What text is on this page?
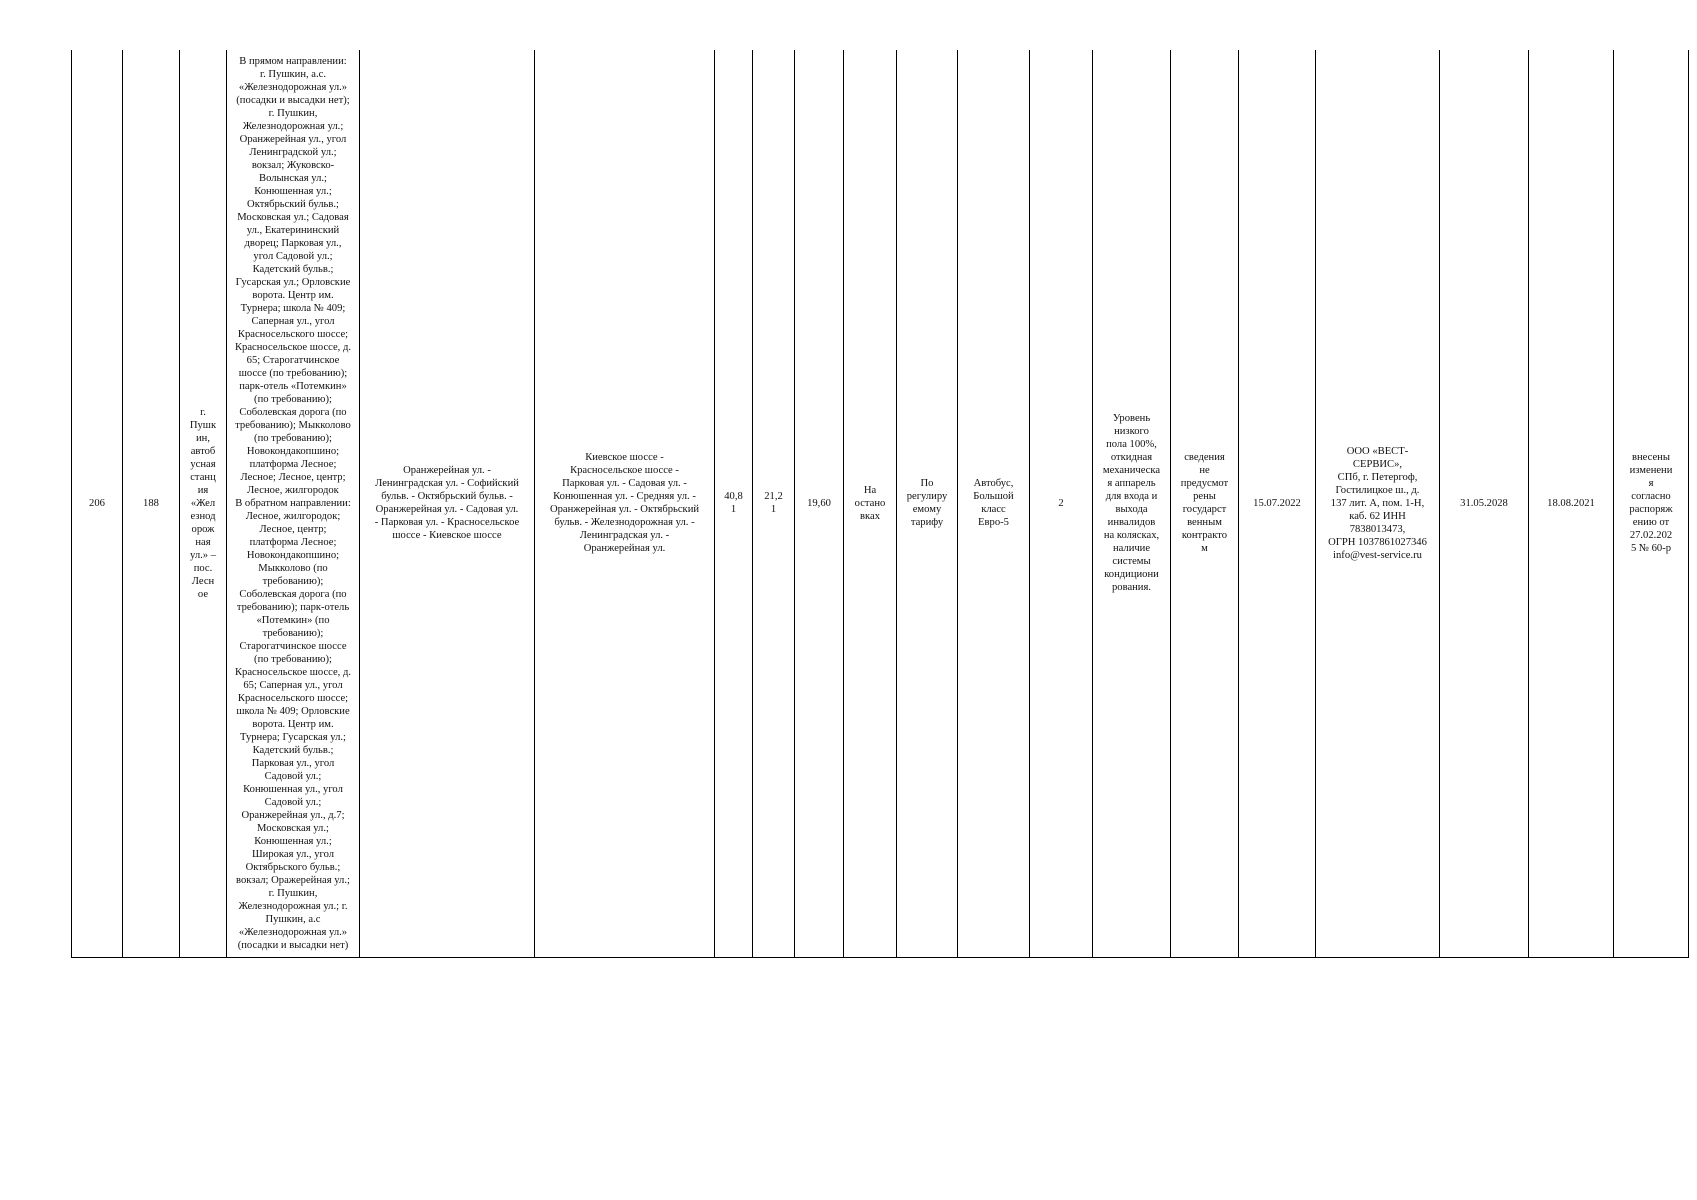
206	188	г.
Пушк
ин,
автоб
усная
станц
ия
«Жел
езнод
орож
ная
ул.» –
пос.
Лесн
ое	В прямом направлении:
г. Пушкин, а.с.
«Железнодорожная ул.»
(посадки и высадки нет);
г. Пушкин,
Железнодорожная ул.;
Оранжерейная ул., угол
Ленинградской ул.;
вокзал; Жуковско-
Волынская ул.;
Конюшенная ул.;
Октябрьский бульв.;
Московская ул.; Садовая
ул., Екатерининский
дворец; Парковая ул.,
угол Садовой ул.;
Кадетский бульв.;
Гусарская ул.; Орловские
ворота. Центр им.
Турнера; школа № 409;
Саперная ул., угол
Красносельского шоссе;
Красносельское шоссе, д.
65; Старогатчинское
шоссе (по требованию);
парк-отель «Потемкин»
(по требованию);
Соболевская дорога (по
требованию); Мыкколово
(по требованию);
Новокондакопшино;
платформа Лесное;
Лесное; Лесное, центр;
Лесное, жилгородок
В обратном направлении:
Лесное, жилгородок;
Лесное, центр;
платформа Лесное;
Новокондакопшино;
Мыкколово (по
требованию);
Соболевская дорога (по
требованию); парк-отель
«Потемкин» (по
требованию);
Старогатчинское шоссе
(по требованию);
Красносельское шоссе, д.
65; Саперная ул., угол
Красносельского шоссе;
школа № 409; Орловские
ворота. Центр им.
Турнера; Гусарская ул.;
Кадетский бульв.;
Парковая ул., угол
Садовой ул.;
Конюшенная ул., угол
Садовой ул.;
Оранжерейная ул., д.7;
Московская ул.;
Конюшенная ул.;
Широкая ул., угол
Октябрьского бульв.;
вокзал; Оражерейная ул.;
г. Пушкин,
Железнодорожная ул.; г.
Пушкин, а.с
«Железнодорожная ул.»
(посадки и высадки нет)	Оранжерейная ул. -
Ленинградская ул. - Софийский
бульв. - Октябрьский бульв. -
Оранжерейная ул. - Садовая ул.
- Парковая ул. - Красносельское
шоссе - Киевское шоссе	Киевское шоссе -
Красносельское шоссе -
Парковая ул. - Садовая ул. -
Конюшенная ул. - Средняя ул. -
Оранжерейная ул. - Октябрьский
бульв. - Железнодорожная ул. -
Ленинградская ул. -
Оранжерейная ул.	40,8
1	21,2
1	19,60	На
остано
вках	По
регулиру
емому
тарифу	Автобус,
Большой
класс
Евро-5	2	Уровень
низкого
пола 100%,
откидная
механическа
я аппарель
для входа и
выхода
инвалидов
на колясках,
наличие
системы
кондициони
рования.	сведения
не
предусмот
рены
государст
венным
контракто
м	15.07.2022	ООО «ВЕСТ-
СЕРВИС»,
СПб, г. Петергоф,
Гостилицкое ш., д.
137 лит. А, пом. 1-Н,
каб. 62 ИНН
7838013473,
ОГРН 1037861027346
info@vest-service.ru	31.05.2028	18.08.2021	внесены
изменени
я
согласно
распоряж
ению от
27.02.202
5 № 60-р
